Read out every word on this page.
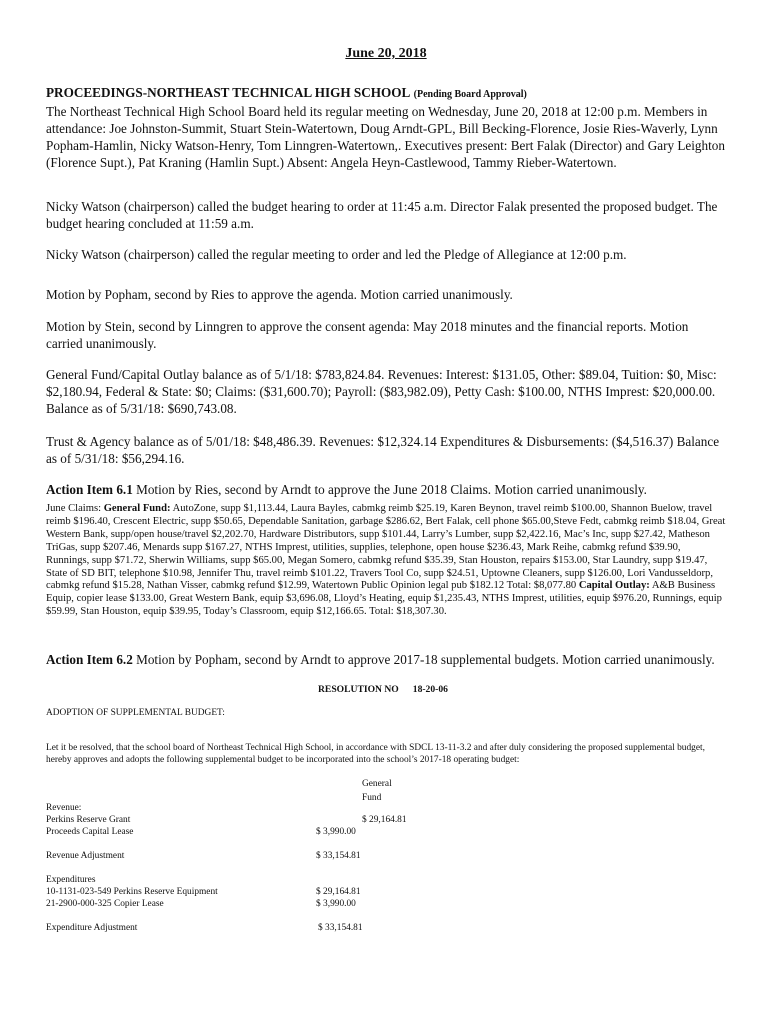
June 20, 2018

PROCEEDINGS-NORTHEAST TECHNICAL HIGH SCHOOL (Pending Board Approval)
The Northeast Technical High School Board held its regular meeting on Wednesday, June 20, 2018 at 12:00 p.m. Members in attendance: Joe Johnston-Summit, Stuart Stein-Watertown, Doug Arndt-GPL, Bill Becking-Florence, Josie Ries-Waverly, Lynn Popham-Hamlin, Nicky Watson-Henry, Tom Linngren-Watertown,. Executives present: Bert Falak (Director) and Gary Leighton (Florence Supt.), Pat Kraning (Hamlin Supt.) Absent: Angela Heyn-Castlewood, Tammy Rieber-Watertown.

Nicky Watson (chairperson) called the budget hearing to order at 11:45 a.m. Director Falak presented the proposed budget. The budget hearing concluded at 11:59 a.m.

Nicky Watson (chairperson) called the regular meeting to order and led the Pledge of Allegiance at 12:00 p.m.

Motion by Popham, second by Ries to approve the agenda. Motion carried unanimously.

Motion by Stein, second by Linngren to approve the consent agenda: May 2018 minutes and the financial reports. Motion carried unanimously.

General Fund/Capital Outlay balance as of 5/1/18: $783,824.84. Revenues: Interest: $131.05, Other: $89.04, Tuition: $0, Misc: $2,180.94, Federal & State: $0; Claims: ($31,600.70); Payroll: ($83,982.09), Petty Cash: $100.00, NTHS Imprest: $20,000.00. Balance as of 5/31/18: $690,743.08.

Trust & Agency balance as of 5/01/18: $48,486.39. Revenues: $12,324.14 Expenditures & Disbursements: ($4,516.37) Balance as of 5/31/18: $56,294.16.

Action Item 6.1 Motion by Ries, second by Arndt to approve the June 2018 Claims. Motion carried unanimously.

June Claims: General Fund: AutoZone, supp $1,113.44, Laura Bayles, cabmkg reimb $25.19, Karen Beynon, travel reimb $100.00, Shannon Buelow, travel reimb $196.40, Crescent Electric, supp $50.65, Dependable Sanitation, garbage $286.62, Bert Falak, cell phone $65.00,Steve Fedt, cabmkg reimb $18.04, Great Western Bank, supp/open house/travel $2,202.70, Hardware Distributors, supp $101.44, Larry’s Lumber, supp $2,422.16, Mac’s Inc, supp $27.42, Matheson TriGas, supp $207.46, Menards supp $167.27, NTHS Imprest, utilities, supplies, telephone, open house $236.43, Mark Reihe, cabmkg refund $39.90, Runnings, supp $71.72, Sherwin Williams, supp $65.00, Megan Somero, cabmkg refund $35.39, Stan Houston, repairs $153.00, Star Laundry, supp $19.47, State of SD BIT, telephone $10.98, Jennifer Thu, travel reimb $101.22, Travers Tool Co, supp $24.51, Uptowne Cleaners, supp $126.00, Lori Vandusseldorp, cabmkg refund $15.28, Nathan Visser, cabmkg refund $12.99, Watertown Public Opinion legal pub $182.12 Total: $8,077.80 Capital Outlay: A&B Business Equip, copier lease $133.00, Great Western Bank, equip $3,696.08, Lloyd’s Heating, equip $1,235.43, NTHS Imprest, utilities, equip $976.20, Runnings, equip $59.99, Stan Houston, equip $39.95, Today’s Classroom, equip $12,166.65. Total: $18,307.30.

Action Item 6.2 Motion by Popham, second by Arndt to approve 2017-18 supplemental budgets. Motion carried unanimously.

RESOLUTION NO 18-20-06
ADOPTION OF SUPPLEMENTAL BUDGET:

Let it be resolved, that the school board of Northeast Technical High School, in accordance with SDCL 13-11-3.2 and after duly considering the proposed supplemental budget, hereby approves and adopts the following supplemental budget to be incorporated into the school’s 2017-18 operating budget:

General
Fund
Revenue:
Perkins Reserve Grant	$ 29,164.81
Proceeds Capital Lease	$ 3,990.00
Revenue Adjustment	$ 33,154.81
Expenditures
10-1131-023-549 Perkins Reserve Equipment	$ 29,164.81
21-2900-000-325 Copier Lease	$ 3,990.00
Expenditure Adjustment	$ 33,154.81
